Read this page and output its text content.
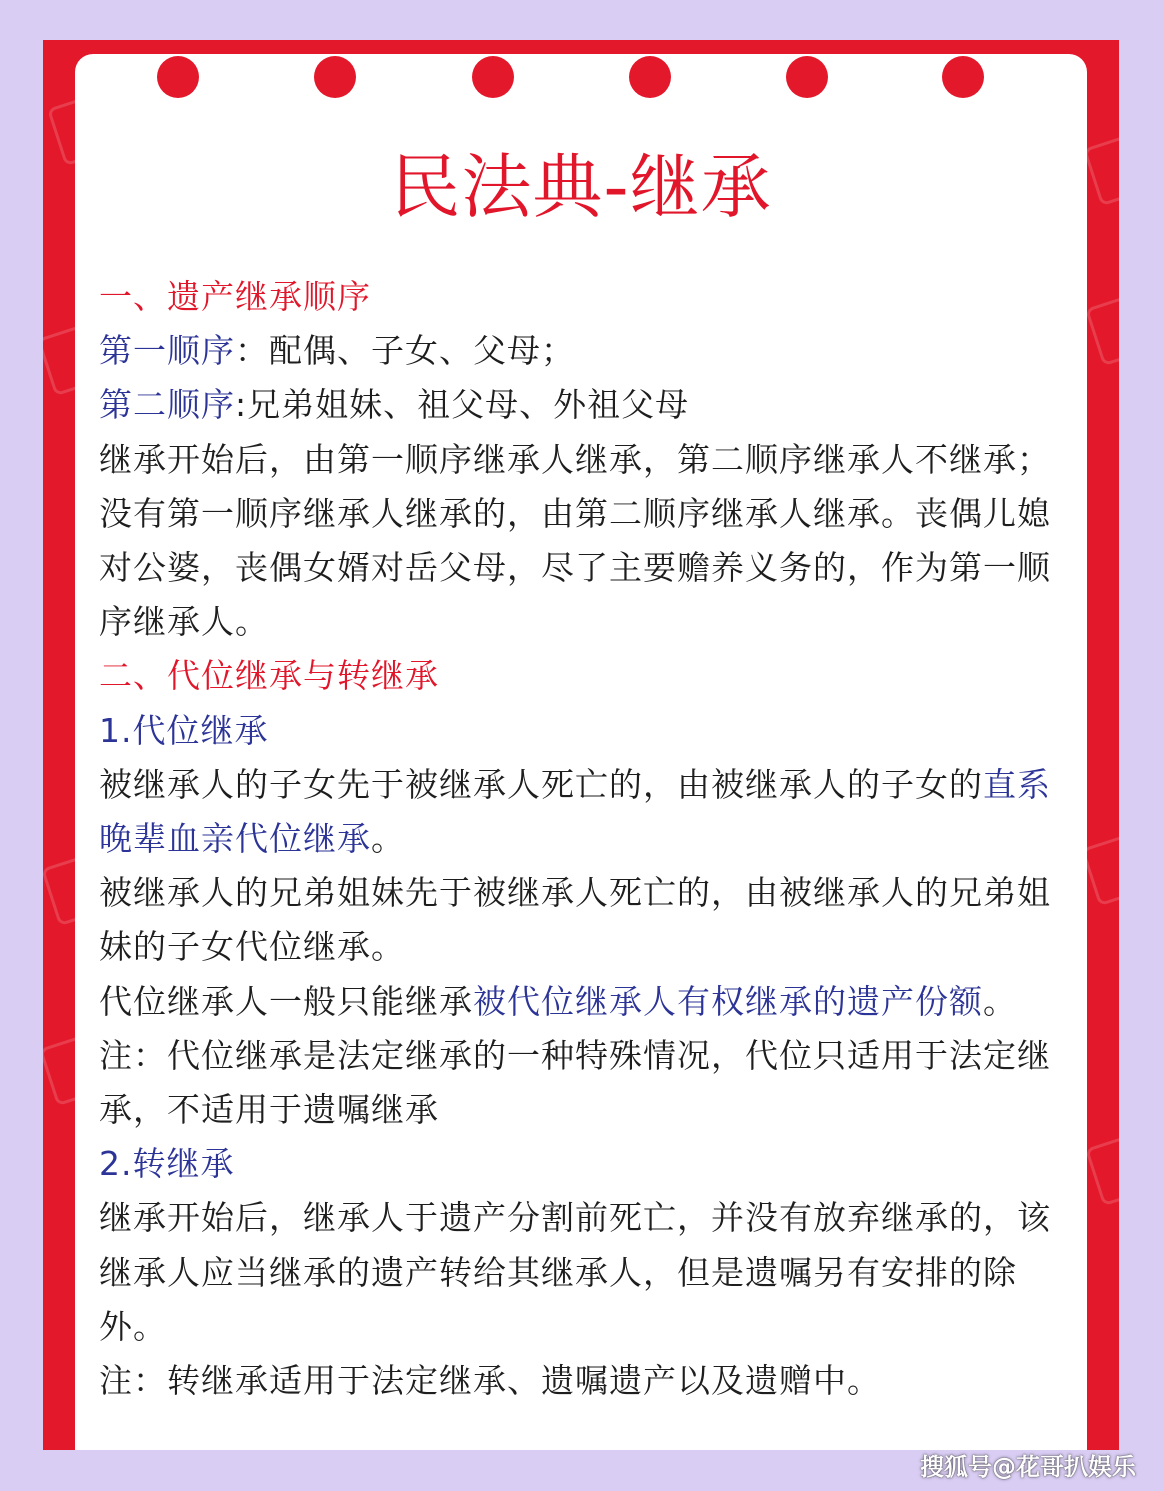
民法典-继承

一、遗产继承顺序

第一顺序：配偶、子女、父母；

第二顺序:兄弟姐妹、祖父母、外祖父母

继承开始后，由第一顺序继承人继承，第二顺序继承人不继承；没有第一顺序继承人继承的，由第二顺序继承人继承。丧偶儿媳对公婆，丧偶女婿对岳父母，尽了主要赡养义务的，作为第一顺序继承人。

二、代位继承与转继承

1.代位继承

被继承人的子女先于被继承人死亡的，由被继承人的子女的直系晚辈血亲代位继承。

被继承人的兄弟姐妹先于被继承人死亡的，由被继承人的兄弟姐妹的子女代位继承。

代位继承人一般只能继承被代位继承人有权继承的遗产份额。

注：代位继承是法定继承的一种特殊情况，代位只适用于法定继承，不适用于遗嘱继承

2.转继承

继承开始后，继承人于遗产分割前死亡，并没有放弃继承的，该继承人应当继承的遗产转给其继承人，但是遗嘱另有安排的除外。

注：转继承适用于法定继承、遗嘱遗产以及遗赠中。

搜狐号@花哥扒娱乐
